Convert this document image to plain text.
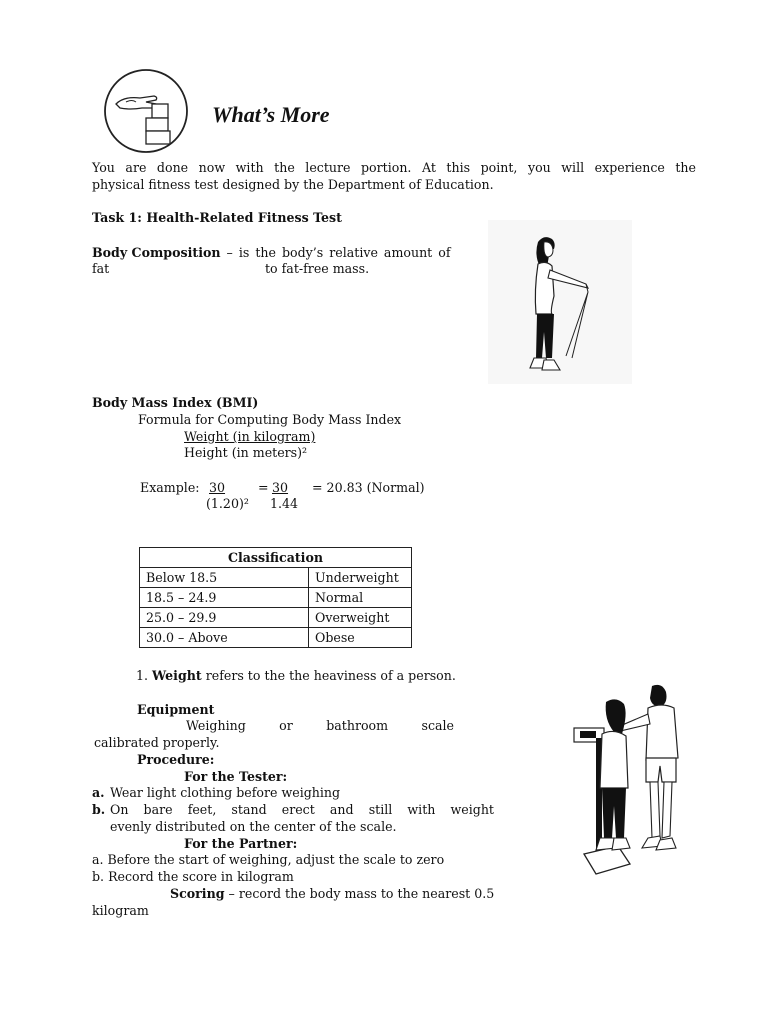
What’s More
You are done now with the lecture portion. At this point, you will experience the
physical fitness test designed by the Department of Education.
Task 1: Health-Related Fitness Test
Body Composition – is the body’s relative amount of
fat	to fat-free mass.
Body Mass Index (BMI)
Formula for Computing Body Mass Index
Weight (in kilogram)
Height (in meters)²
Example: 30	= 30	= 20.83 (Normal)
(1.20)² 1.44
Classification	
Below 18.5	Underweight
18.5 – 24.9	Normal
25.0 – 29.9	Overweight
30.0 – Above	Obese
1. Weight refers to the the heaviness of a person.
Equipment
Weighing or bathroom scale
calibrated properly.
Procedure:
For the Tester:
a. Wear light clothing before weighing
b. On bare feet, stand erect and still with weight
evenly distributed on the center of the scale.
For the Partner:
a. Before the start of weighing, adjust the scale to zero
b. Record the score in kilogram
Scoring – record the body mass to the nearest 0.5
kilogram
